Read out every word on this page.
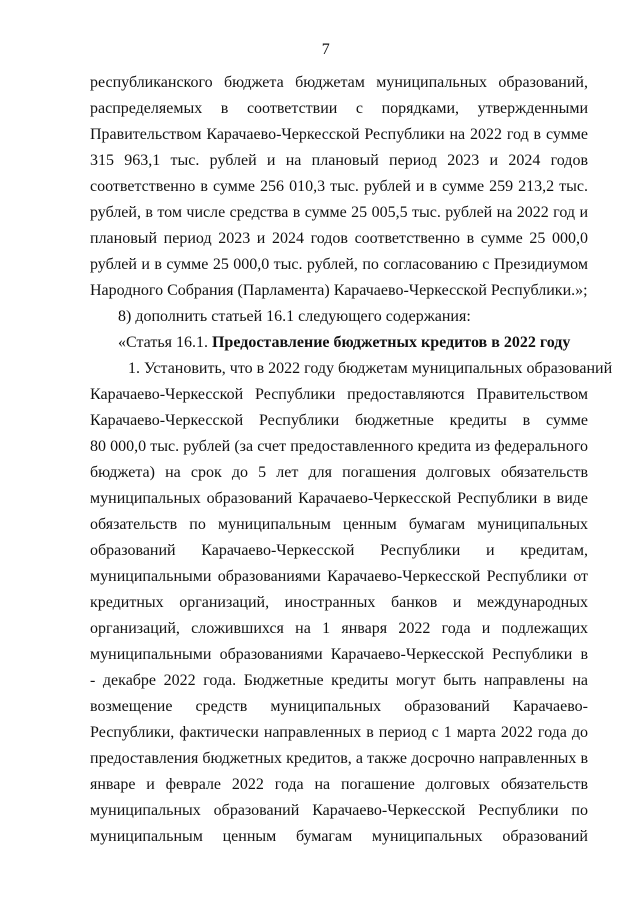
7
республиканского бюджета бюджетам муниципальных образований,
распределяемых в соответствии с порядками, утвержденными
Правительством Карачаево-Черкесской Республики на 2022 год в сумме
315 963,1 тыс. рублей и на плановый период 2023 и 2024 годов
соответственно в сумме 256 010,3 тыс. рублей и в сумме 259 213,2 тыс.
рублей, в том числе средства в сумме 25 005,5 тыс. рублей на 2022 год и
плановый период 2023 и 2024 годов соответственно в сумме 25 000,0
рублей и в сумме 25 000,0 тыс. рублей, по согласованию с Президиумом
Народного Собрания (Парламента) Карачаево-Черкесской Республики.»;
8) дополнить статьей 16.1 следующего содержания:
«Статья 16.1. Предоставление бюджетных кредитов в 2022 году
1. Установить, что в 2022 году бюджетам муниципальных образований
Карачаево-Черкесской Республики предоставляются Правительством
Карачаево-Черкесской Республики бюджетные кредиты в сумме
80 000,0 тыс. рублей (за счет предоставленного кредита из федерального
бюджета) на срок до 5 лет для погашения долговых обязательств
муниципальных образований Карачаево-Черкесской Республики в виде
обязательств по муниципальным ценным бумагам муниципальных
образований Карачаево-Черкесской Республики и кредитам,
муниципальными образованиями Карачаево-Черкесской Республики от
кредитных организаций, иностранных банков и международных
организаций, сложившихся на 1 января 2022 года и подлежащих
муниципальными образованиями Карачаево-Черкесской Республики в
- декабре 2022 года. Бюджетные кредиты могут быть направлены на
возмещение средств муниципальных образований Карачаево-
Республики, фактически направленных в период с 1 марта 2022 года до
предоставления бюджетных кредитов, а также досрочно направленных в
январе и феврале 2022 года на погашение долговых обязательств
муниципальных образований Карачаево-Черкесской Республики по
муниципальным ценным бумагам муниципальных образований
